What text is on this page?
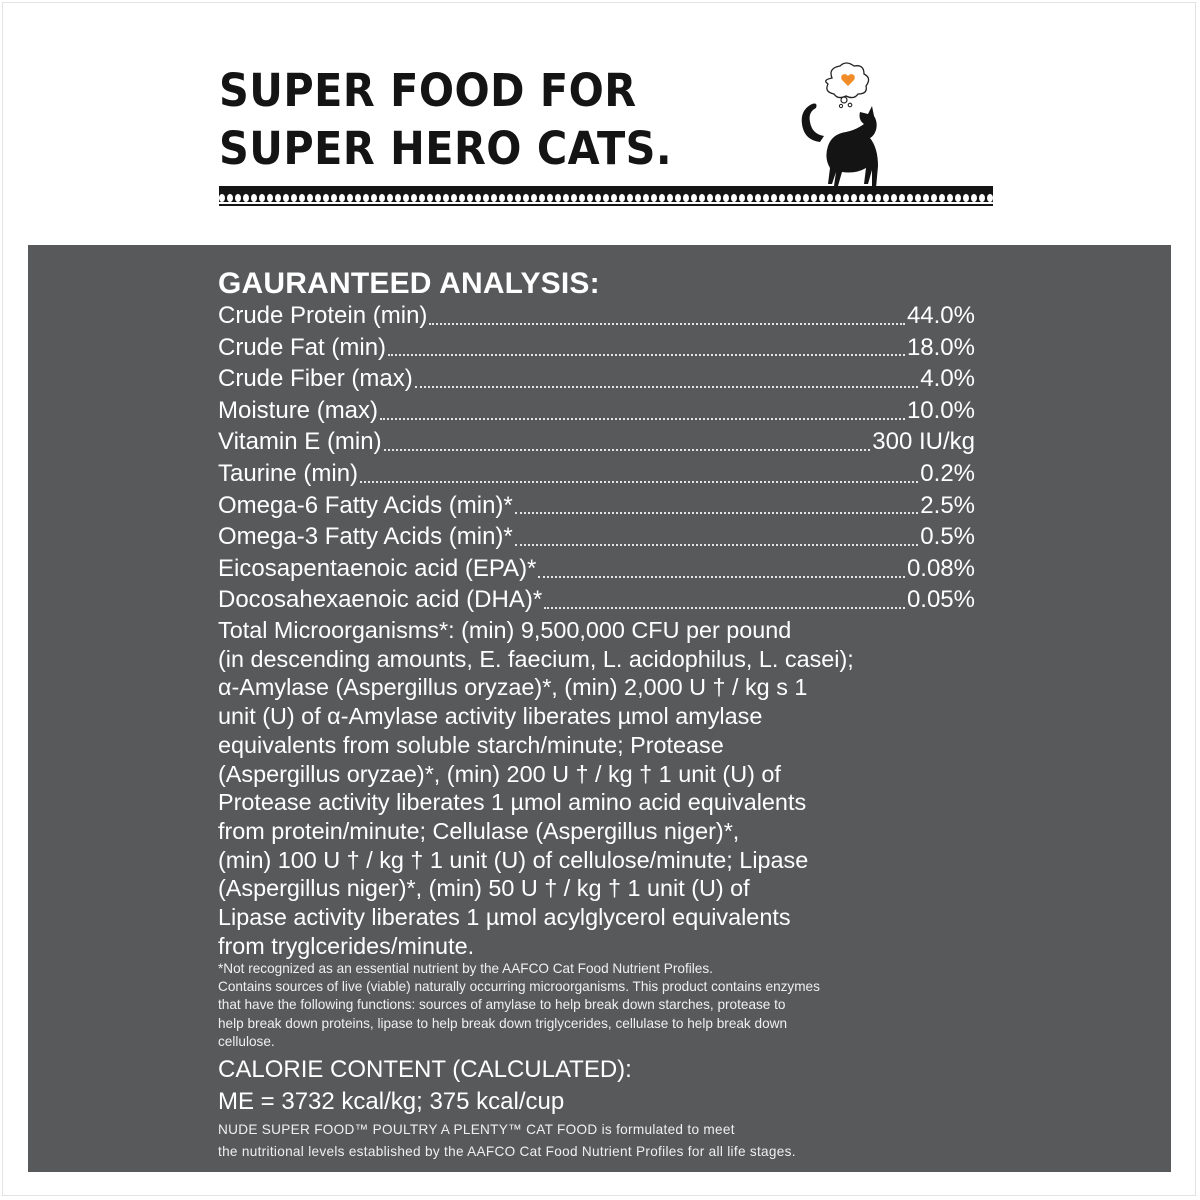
SUPER FOOD FOR
SUPER HERO CATS.
GAURANTEED ANALYSIS:
Crude Protein (min)	44.0%
Crude Fat (min)	18.0%
Crude Fiber (max)	4.0%
Moisture (max)	10.0%
Vitamin E (min)	300 IU/kg
Taurine (min)	0.2%
Omega-6 Fatty Acids (min)*	2.5%
Omega-3 Fatty Acids (min)*	0.5%
Eicosapentaenoic acid (EPA)*	0.08%
Docosahexaenoic acid (DHA)*	0.05%

Total Microorganisms*: (min) 9,500,000 CFU per pound
(in descending amounts, E. faecium, L. acidophilus, L. casei);
α-Amylase (Aspergillus oryzae)*, (min) 2,000 U † / kg s 1
unit (U) of α-Amylase activity liberates µmol amylase
equivalents from soluble starch/minute; Protease
(Aspergillus oryzae)*, (min) 200 U † / kg † 1 unit (U) of
Protease activity liberates 1 µmol amino acid equivalents
from protein/minute; Cellulase (Aspergillus niger)*,
(min) 100 U † / kg † 1 unit (U) of cellulose/minute; Lipase
(Aspergillus niger)*, (min) 50 U † / kg † 1 unit (U) of
Lipase activity liberates 1 µmol acylglycerol equivalents
from tryglcerides/minute.

*Not recognized as an essential nutrient by the AAFCO Cat Food Nutrient Profiles.
Contains sources of live (viable) naturally occurring microorganisms. This product contains enzymes
that have the following functions: sources of amylase to help break down starches, protease to
help break down proteins, lipase to help break down triglycerides, cellulase to help break down
cellulose.

CALORIE CONTENT (CALCULATED):

ME = 3732 kcal/kg; 375 kcal/cup

NUDE SUPER FOOD™ POULTRY A PLENTY™ CAT FOOD is formulated to meet
the nutritional levels established by the AAFCO Cat Food Nutrient Profiles for all life stages.
